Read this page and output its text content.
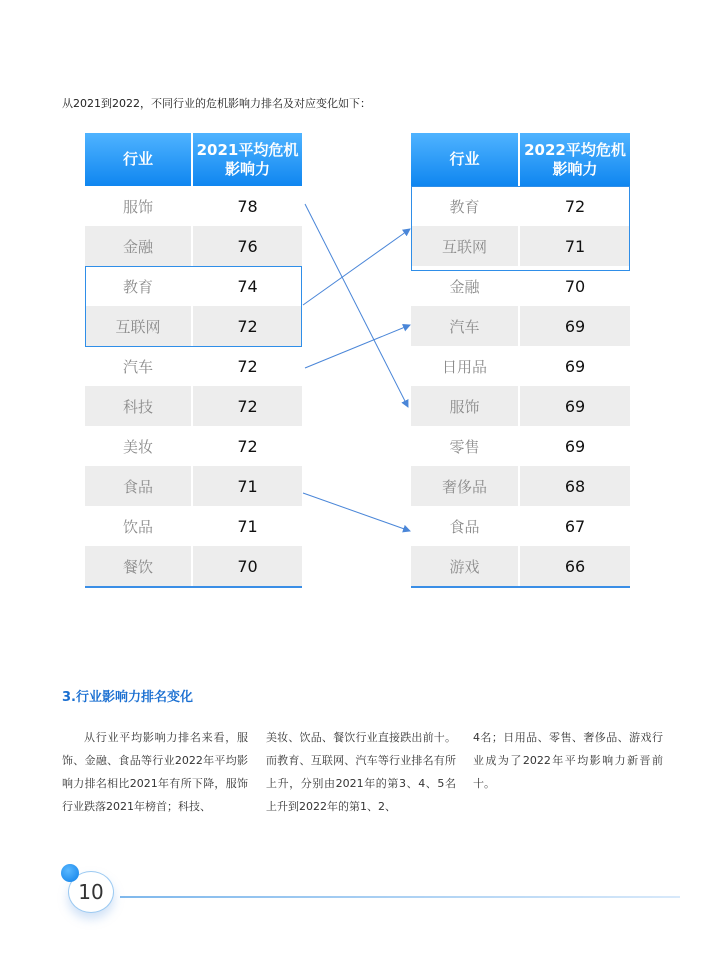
从2021到2022，不同行业的危机影响力排名及对应变化如下：
行业	2021平均危机影响力
服饰	78
金融	76
教育	74
互联网	72
汽车	72
科技	72
美妆	72
食品	71
饮品	71
餐饮	70
行业	2022平均危机影响力
教育	72
互联网	71
金融	70
汽车	69
日用品	69
服饰	69
零售	69
奢侈品	68
食品	67
游戏	66
3.行业影响力排名变化
从行业平均影响力排名来看，服饰、金融、食品等行业2022年平均影响力排名相比2021年有所下降，服饰行业跌落2021年榜首；科技、
美妆、饮品、餐饮行业直接跌出前十。而教育、互联网、汽车等行业排名有所上升，分别由2021年的第3、4、5名上升到2022年的第1、2、
4名；日用品、零售、奢侈品、游戏行业成为了2022年平均影响力新晋前十。
10
